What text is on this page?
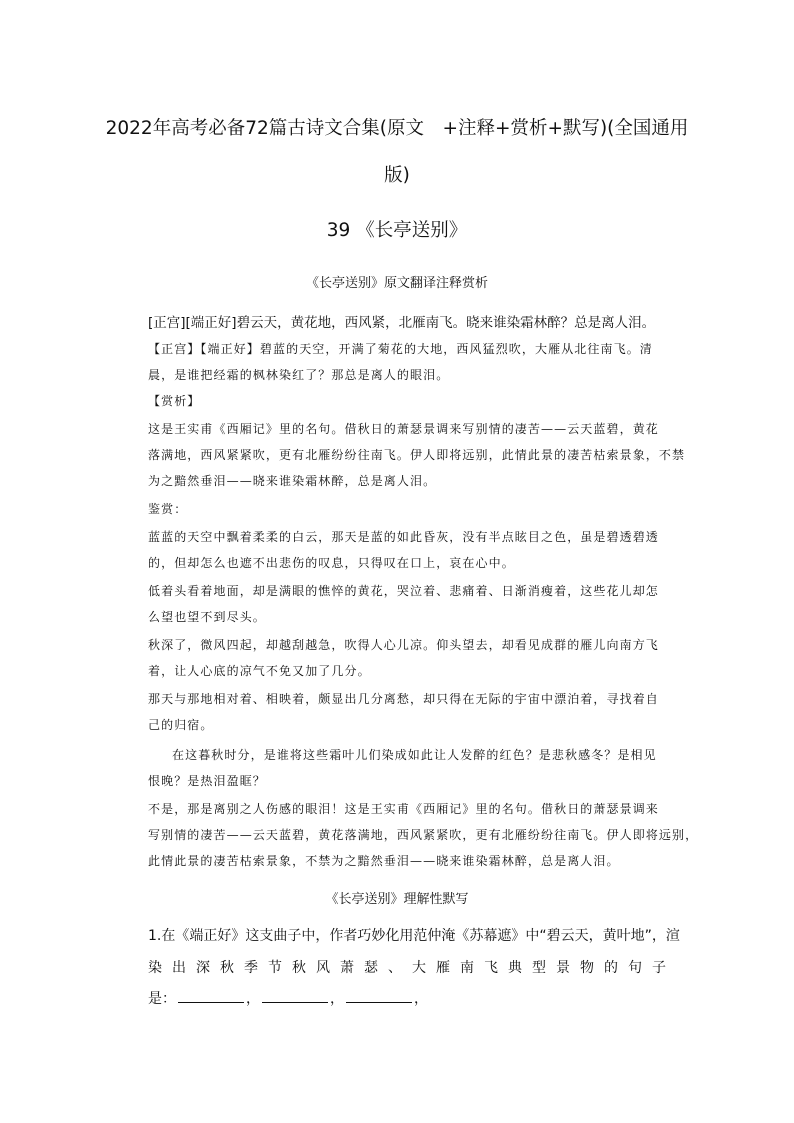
2022年高考必备72篇古诗文合集(原文　+注释+赏析+默写)(全国通用

版)

39 《长亭送别》

《长亭送别》原文翻译注释赏析

[正宫][端正好]碧云天，黄花地，西风紧，北雁南飞。晓来谁染霜林醉？总是离人泪。
【正宫】【端正好】碧蓝的天空，开满了菊花的大地，西风猛烈吹，大雁从北往南飞。清
晨，是谁把经霜的枫林染红了？那总是离人的眼泪。
【赏析】
这是王实甫《西厢记》里的名句。借秋日的萧瑟景调来写别情的凄苦——云天蓝碧，黄花
落满地，西风紧紧吹，更有北雁纷纷往南飞。伊人即将远别，此情此景的凄苦枯索景象，不禁
为之黯然垂泪——晓来谁染霜林醉，总是离人泪。
鉴赏：
蓝蓝的天空中飘着柔柔的白云，那天是蓝的如此昏灰，没有半点眩目之色，虽是碧透碧透
的，但却怎么也遮不出悲伤的叹息，只得叹在口上，哀在心中。
低着头看着地面，却是满眼的憔悴的黄花，哭泣着、悲痛着、日渐消瘦着，这些花儿却怎
么望也望不到尽头。
秋深了，微风四起，却越刮越急，吹得人心儿凉。仰头望去，却看见成群的雁儿向南方飞
着，让人心底的凉气不免又加了几分。
那天与那地相对着、相映着，颇显出几分离愁，却只得在无际的宇宙中漂泊着，寻找着自
己的归宿。
在这暮秋时分，是谁将这些霜叶儿们染成如此让人发醉的红色？是悲秋感冬？是相见
恨晚？是热泪盈眶？
不是，那是离别之人伤感的眼泪！这是王实甫《西厢记》里的名句。借秋日的萧瑟景调来
写别情的凄苦——云天蓝碧，黄花落满地，西风紧紧吹，更有北雁纷纷往南飞。伊人即将远别，
此情此景的凄苦枯索景象，不禁为之黯然垂泪——晓来谁染霜林醉，总是离人泪。

《长亭送别》理解性默写

1.在《端正好》这支曲子中，作者巧妙化用范仲淹《苏幕遮》中“碧云天，黄叶地”，渲
染出深秋季节秋风萧瑟、大雁南飞典型景物的句子
是：	，	，	，
